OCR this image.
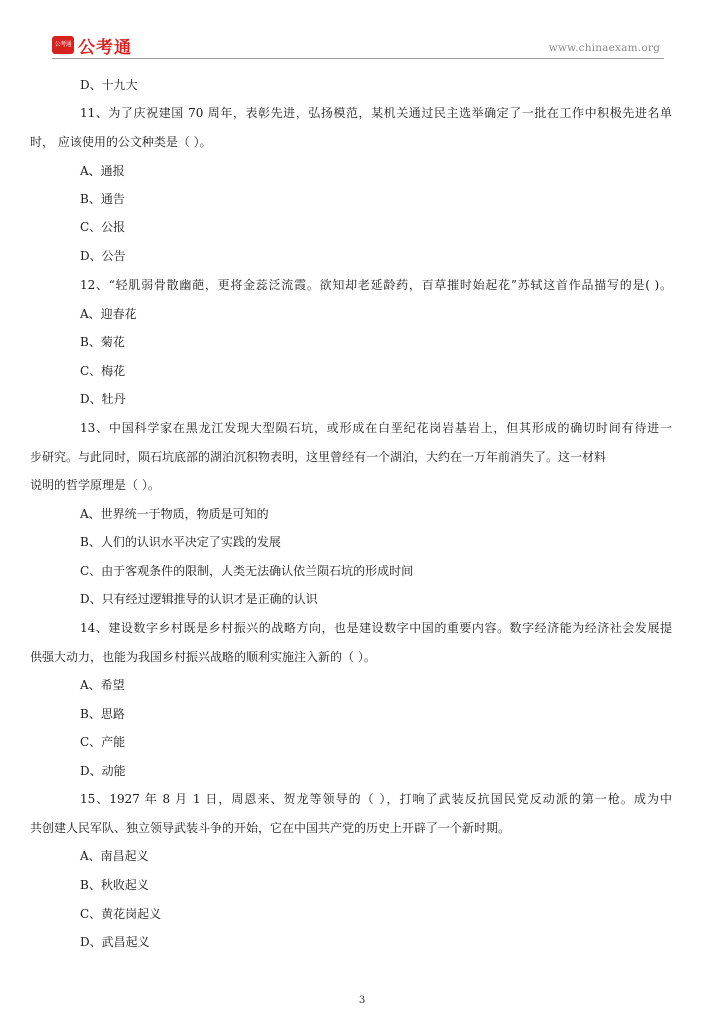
公考通 公考通	www.chinaexam.org
D、十九大
11、为了庆祝建国 70 周年，表彰先进，弘扬模范，某机关通过民主选举确定了一批在工作中积极先进名单
时， 应该使用的公文种类是（ ）。
A、通报
B、通告
C、公报
D、公告
12、“轻肌弱骨散幽葩，更将金蕊泛流霞。欲知却老延龄药，百草摧时始起花”苏轼这首作品描写的是( )。
A、迎春花
B、菊花
C、梅花
D、牡丹
13、中国科学家在黑龙江发现大型陨石坑，或形成在白垩纪花岗岩基岩上，但其形成的确切时间有待进一
步研究。与此同时，陨石坑底部的湖泊沉积物表明，这里曾经有一个湖泊，大约在一万年前消失了。这一材料
说明的哲学原理是（ ）。
A、世界统一于物质，物质是可知的
B、人们的认识水平决定了实践的发展
C、由于客观条件的限制，人类无法确认依兰陨石坑的形成时间
D、只有经过逻辑推导的认识才是正确的认识
14、建设数字乡村既是乡村振兴的战略方向，也是建设数字中国的重要内容。数字经济能为经济社会发展提
供强大动力，也能为我国乡村振兴战略的顺利实施注入新的（ ）。
A、希望
B、思路
C、产能
D、动能
15、1927 年 8 月 1 日，周恩来、贺龙等领导的（ ），打响了武装反抗国民党反动派的第一枪。成为中
共创建人民军队、独立领导武装斗争的开始，它在中国共产党的历史上开辟了一个新时期。
A、南昌起义
B、秋收起义
C、黄花岗起义
D、武昌起义
3
